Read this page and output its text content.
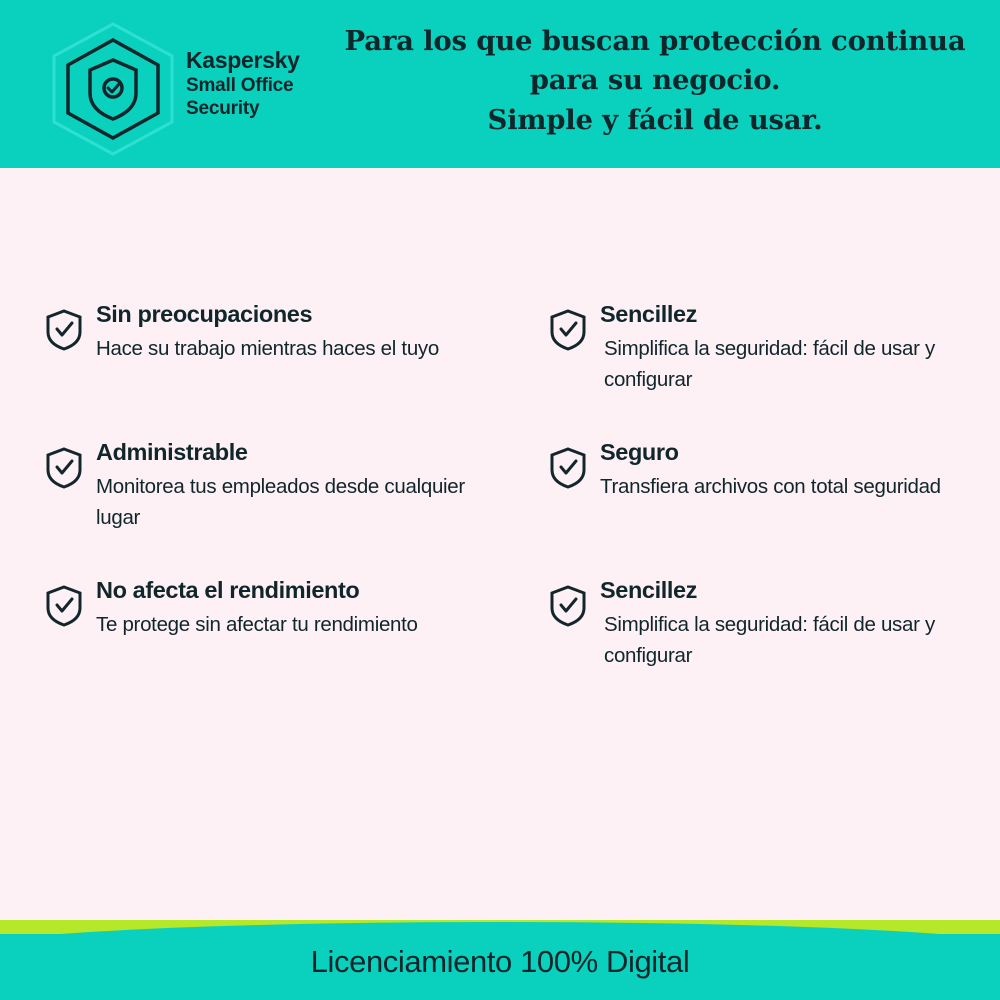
Kaspersky
Small Office
Security
Para los que buscan protección continua
para su negocio.
Simple y fácil de usar.

Sin preocupaciones

Hace su trabajo mientras haces el tuyo

Administrable

Monitorea tus empleados desde cualquier lugar

No afecta el rendimiento

Te protege sin afectar tu rendimiento

Sencillez

Simplifica la seguridad: fácil de usar y configurar

Seguro

Transfiera archivos con total seguridad

Sencillez

Simplifica la seguridad: fácil de usar y configurar

Licenciamiento 100% Digital
